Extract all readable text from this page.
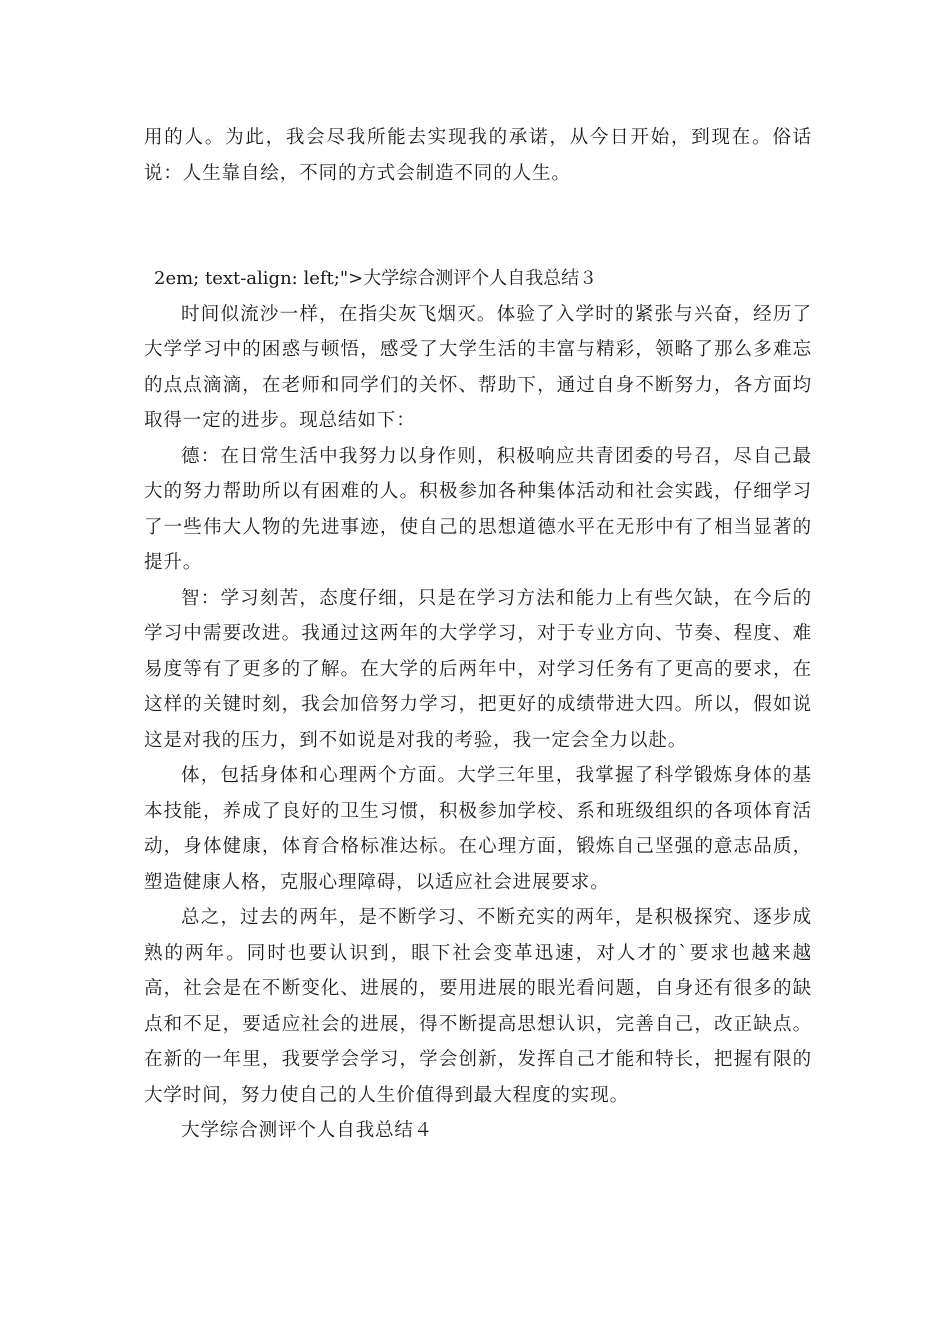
用的人。为此，我会尽我所能去实现我的承诺，从今日开始，到现在。俗话说：人生靠自绘，不同的方式会制造不同的人生。

2em; text-align: left;">大学综合测评个人自我总结３

时间似流沙一样，在指尖灰飞烟灭。体验了入学时的紧张与兴奋，经历了大学学习中的困惑与顿悟，感受了大学生活的丰富与精彩，领略了那么多难忘的点点滴滴，在老师和同学们的关怀、帮助下，通过自身不断努力，各方面均取得一定的进步。现总结如下：

德：在日常生活中我努力以身作则，积极响应共青团委的号召，尽自己最大的努力帮助所以有困难的人。积极参加各种集体活动和社会实践，仔细学习了一些伟大人物的先进事迹，使自己的思想道德水平在无形中有了相当显著的提升。

智：学习刻苦，态度仔细，只是在学习方法和能力上有些欠缺，在今后的学习中需要改进。我通过这两年的大学学习，对于专业方向、节奏、程度、难易度等有了更多的了解。在大学的后两年中，对学习任务有了更高的要求，在这样的关键时刻，我会加倍努力学习，把更好的成绩带进大四。所以，假如说这是对我的压力，到不如说是对我的考验，我一定会全力以赴。

体，包括身体和心理两个方面。大学三年里，我掌握了科学锻炼身体的基本技能，养成了良好的卫生习惯，积极参加学校、系和班级组织的各项体育活动，身体健康，体育合格标准达标。在心理方面，锻炼自己坚强的意志品质，塑造健康人格，克服心理障碍，以适应社会进展要求。

总之，过去的两年，是不断学习、不断充实的两年，是积极探究、逐步成熟的两年。同时也要认识到，眼下社会变革迅速，对人才的`要求也越来越高，社会是在不断变化、进展的，要用进展的眼光看问题，自身还有很多的缺点和不足，要适应社会的进展，得不断提高思想认识，完善自己，改正缺点。在新的一年里，我要学会学习，学会创新，发挥自己才能和特长，把握有限的大学时间，努力使自己的人生价值得到最大程度的实现。

大学综合测评个人自我总结４
